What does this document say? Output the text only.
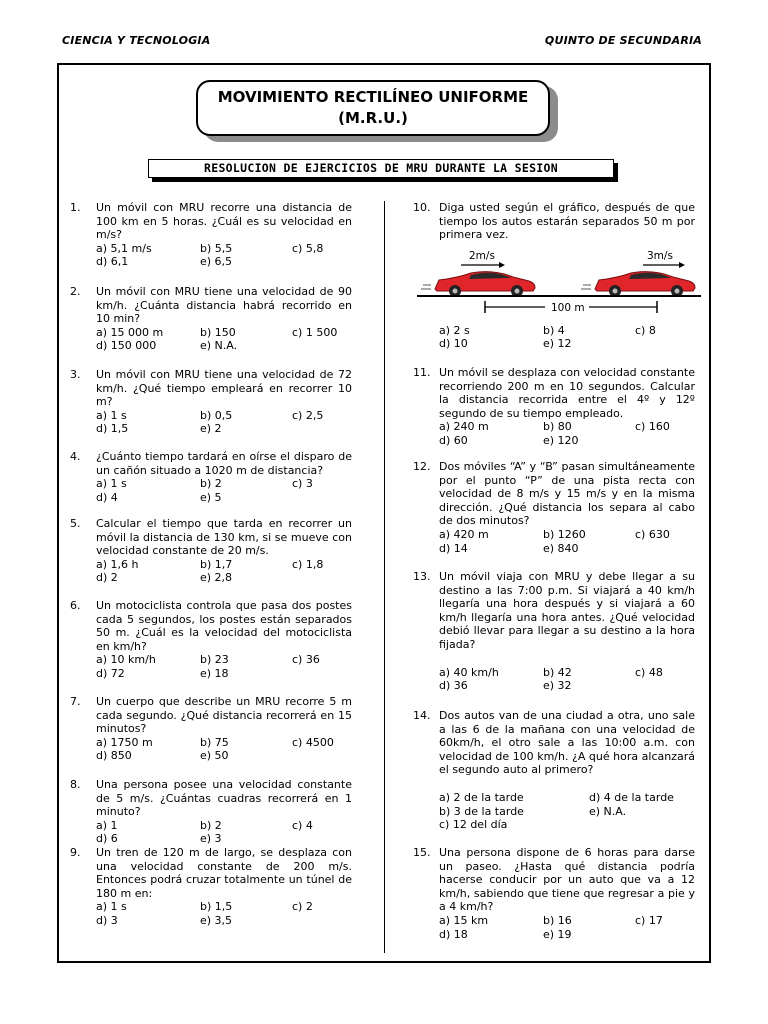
CIENCIA Y TECNOLOGIA	QUINTO DE SECUNDARIA
MOVIMIENTO RECTILÍNEO UNIFORME
(M.R.U.)
RESOLUCION DE EJERCICIOS DE MRU DURANTE LA SESION
1.	Un móvil con MRU recorre una distancia de 100 km en 5 horas. ¿Cuál es su velocidad en m/s?
a) 5,1 m/s	b) 5,5	c) 5,8
d) 6,1	e) 6,5
2.	Un móvil con MRU tiene una velocidad de 90 km/h. ¿Cuánta distancia habrá recorrido en 10 min?
a) 15 000 m	b) 150	c) 1 500
d) 150 000	e) N.A.
3.	Un móvil con MRU tiene una velocidad de 72 km/h. ¿Qué tiempo empleará en recorrer 10 m?
a) 1 s	b) 0,5	c) 2,5
d) 1,5	e) 2
4.	¿Cuánto tiempo tardará en oírse el disparo de un cañón situado a 1020 m de distancia?
a) 1 s	b) 2	c) 3
d) 4	e) 5
5.	Calcular el tiempo que tarda en recorrer un móvil la distancia de 130 km, si se mueve con velocidad constante de 20 m/s.
a) 1,6 h	b) 1,7	c) 1,8
d) 2	e) 2,8
6.	Un motociclista controla que pasa dos postes cada 5 segundos, los postes están separados 50 m. ¿Cuál es la velocidad del motociclista en km/h?
a) 10 km/h	b) 23	c) 36
d) 72	e) 18
7.	Un cuerpo que describe un MRU recorre 5 m cada segundo. ¿Qué distancia recorrerá en 15 minutos?
a) 1750 m	b) 75	c) 4500
d) 850	e) 50
8.	Una persona posee una velocidad constante de 5 m/s. ¿Cuántas cuadras recorrerá en 1 minuto?
a) 1	b) 2	c) 4
d) 6	e) 3
9.	Un tren de 120 m de largo, se desplaza con una velocidad constante de 200 m/s. Entonces podrá cruzar totalmente un túnel de 180 m en:
a) 1 s	b) 1,5	c) 2
d) 3	e) 3,5
10. Diga usted según el gráfico, después de que tiempo los autos estarán separados 50 m por primera vez.
a) 2 s	b) 4	c) 8
d) 10	e) 12
11. Un móvil se desplaza con velocidad constante recorriendo 200 m en 10 segundos. Calcular la distancia recorrida entre el 4º y 12º segundo de su tiempo empleado.
a) 240 m	b) 80	c) 160
d) 60	e) 120
12. Dos móviles “A” y “B” pasan simultáneamente por el punto “P” de una pista recta con velocidad de 8 m/s y 15 m/s y en la misma dirección. ¿Qué distancia los separa al cabo de dos minutos?
a) 420 m	b) 1260	c) 630
d) 14	e) 840
13. Un móvil viaja con MRU y debe llegar a su destino a las 7:00 p.m. Si viajará a 40 km/h llegaría una hora después y si viajará a 60 km/h llegaría una hora antes. ¿Qué velocidad debió llevar para llegar a su destino a la hora fijada?
a) 40 km/h	b) 42	c) 48
d) 36	e) 32
14. Dos autos van de una ciudad a otra, uno sale a las 6 de la mañana con una velocidad de 60km/h, el otro sale a las 10:00 a.m. con velocidad de 100 km/h. ¿A qué hora alcanzará el segundo auto al primero?
a) 2 de la tarde	d) 4 de la tarde
b) 3 de la tarde	e) N.A.
c) 12 del día
15. Una persona dispone de 6 horas para darse un paseo. ¿Hasta qué distancia podría hacerse conducir por un auto que va a 12 km/h, sabiendo que tiene que regresar a pie y a 4 km/h?
a) 15 km	b) 16	c) 17
d) 18	e) 19
2m/s	3m/s
100 m
